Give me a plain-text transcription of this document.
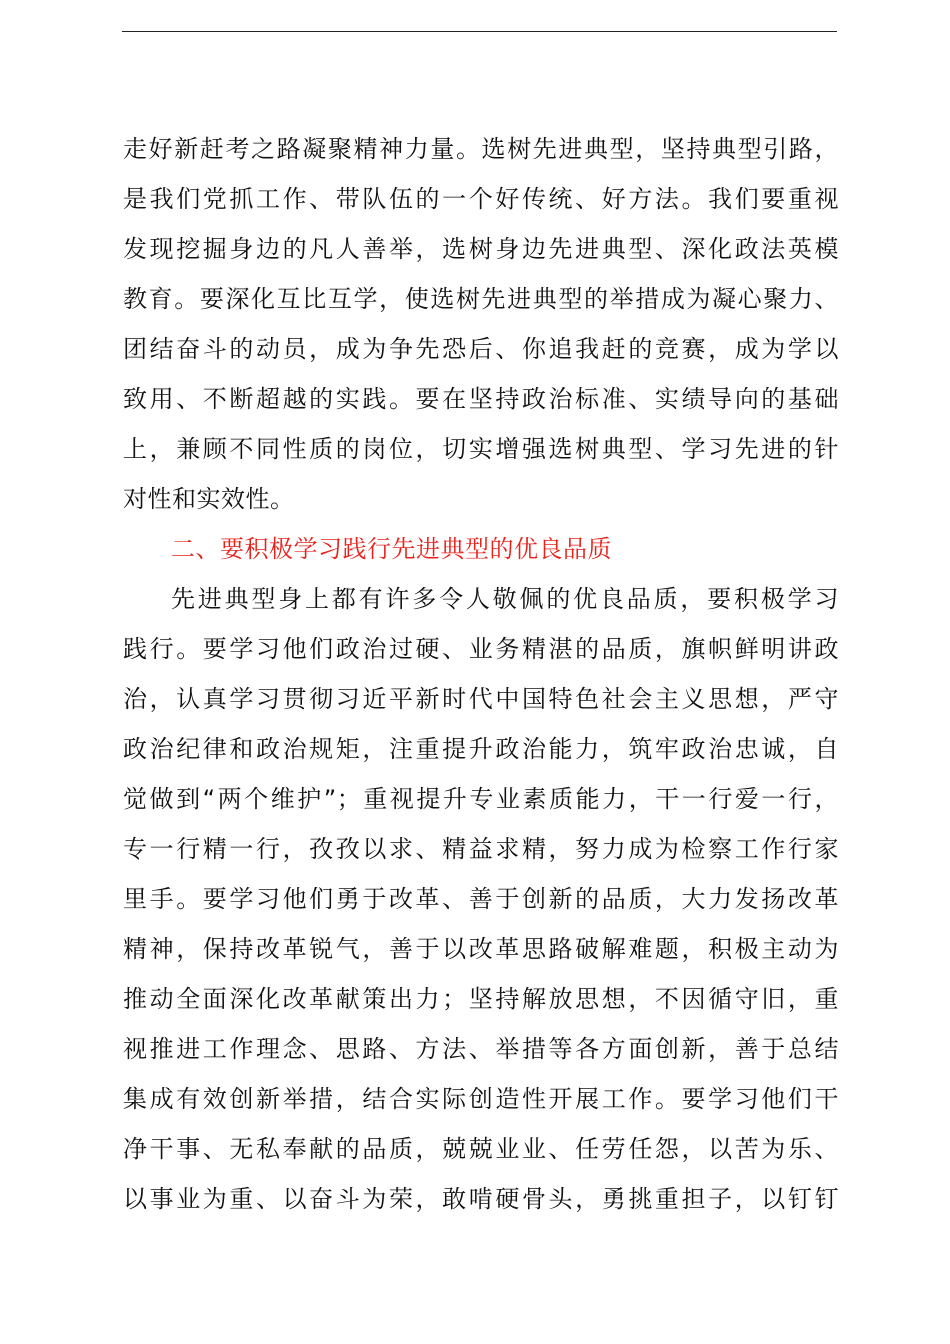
走好新赶考之路凝聚精神力量。选树先进典型，坚持典型引路，
是我们党抓工作、带队伍的一个好传统、好方法。我们要重视
发现挖掘身边的凡人善举，选树身边先进典型、深化政法英模
教育。要深化互比互学，使选树先进典型的举措成为凝心聚力、
团结奋斗的动员，成为争先恐后、你追我赶的竞赛，成为学以
致用、不断超越的实践。要在坚持政治标准、实绩导向的基础
上，兼顾不同性质的岗位，切实增强选树典型、学习先进的针
对性和实效性。
二、要积极学习践行先进典型的优良品质
先进典型身上都有许多令人敬佩的优良品质，要积极学习
践行。要学习他们政治过硬、业务精湛的品质，旗帜鲜明讲政
治，认真学习贯彻习近平新时代中国特色社会主义思想，严守
政治纪律和政治规矩，注重提升政治能力，筑牢政治忠诚，自
觉做到“两个维护”；重视提升专业素质能力，干一行爱一行，
专一行精一行，孜孜以求、精益求精，努力成为检察工作行家
里手。要学习他们勇于改革、善于创新的品质，大力发扬改革
精神，保持改革锐气，善于以改革思路破解难题，积极主动为
推动全面深化改革献策出力；坚持解放思想，不因循守旧，重
视推进工作理念、思路、方法、举措等各方面创新，善于总结
集成有效创新举措，结合实际创造性开展工作。要学习他们干
净干事、无私奉献的品质，兢兢业业、任劳任怨，以苦为乐、
以事业为重、以奋斗为荣，敢啃硬骨头，勇挑重担子，以钉钉
